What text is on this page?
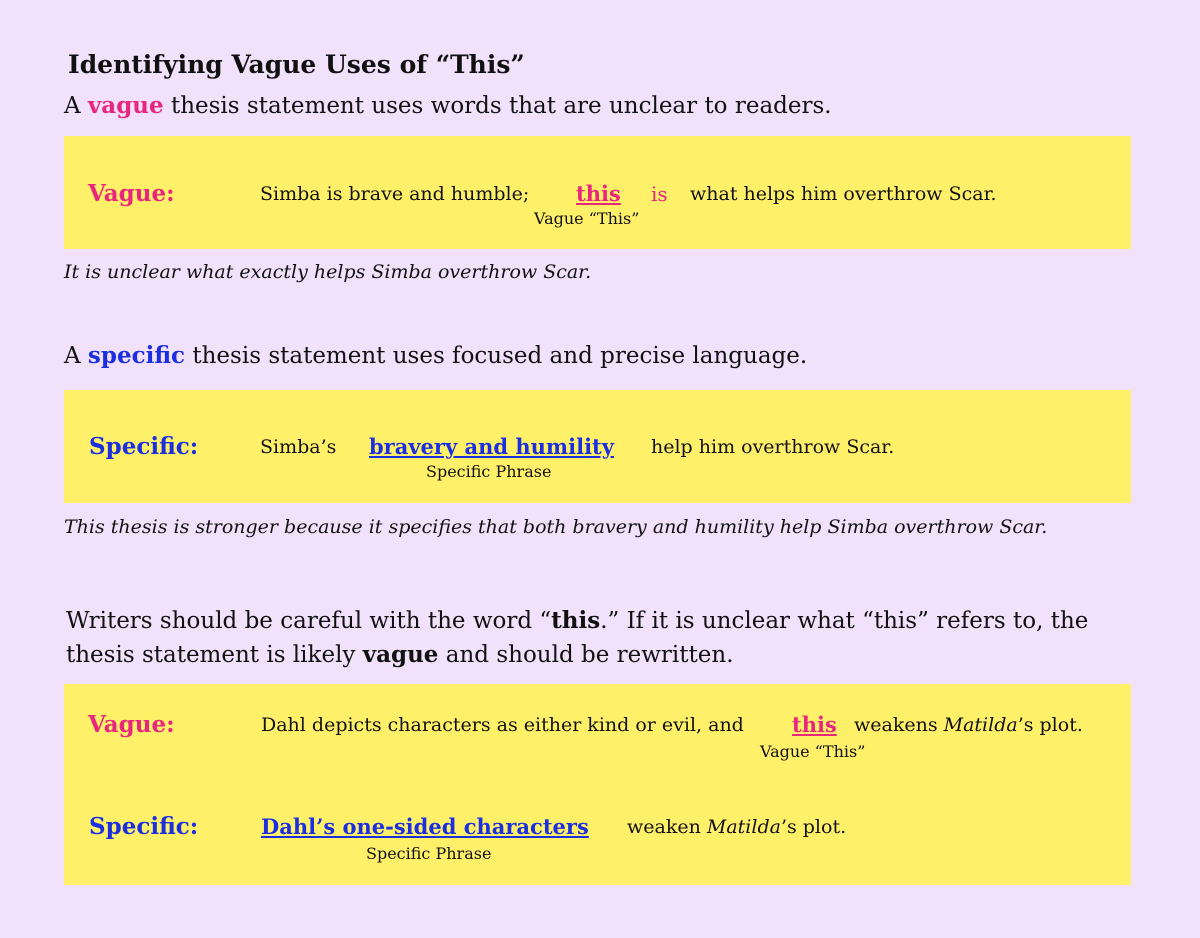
Identifying Vague Uses of “This”
A vague thesis statement uses words that are unclear to readers.
Vague:	Simba is brave and humble; this is what helps him overthrow Scar.
Vague “This”
It is unclear what exactly helps Simba overthrow Scar.
A specific thesis statement uses focused and precise language.
Specific:	Simba’s bravery and humility help him overthrow Scar.
Specific Phrase
This thesis is stronger because it specifies that both bravery and humility help Simba overthrow Scar.
Writers should be careful with the word “this.” If it is unclear what “this” refers to, the thesis statement is likely vague and should be rewritten.
Vague:	Dahl depicts characters as either kind or evil, and this weakens Matilda’s plot.
Vague “This”
Specific:	Dahl’s one-sided characters weaken Matilda’s plot.
Specific Phrase
